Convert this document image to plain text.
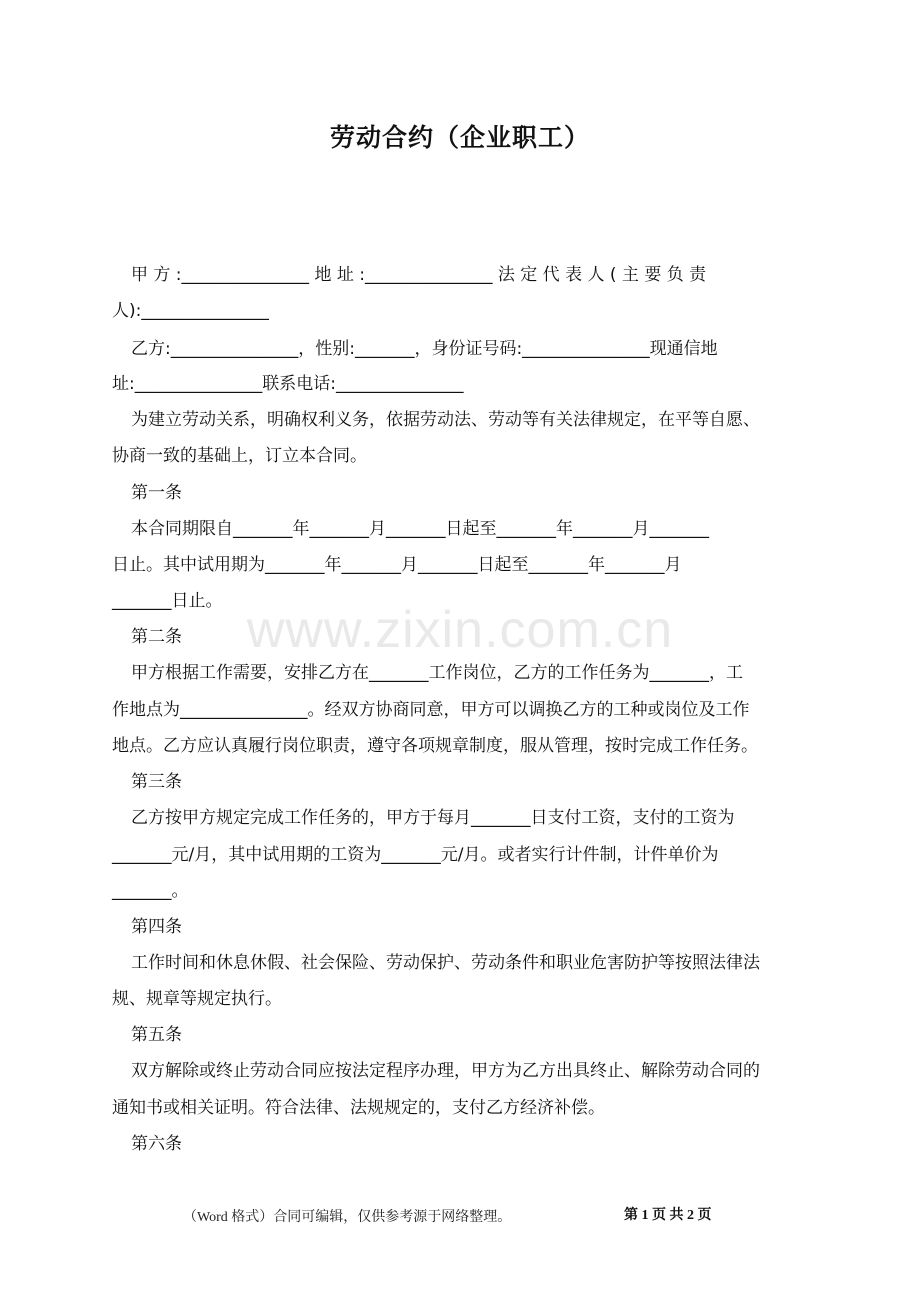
劳动合约（企业职工）
www.zixin.com.cn
甲 方 :_______________ 地 址 :_______________ 法 定 代 表 人 ( 主 要 负 责
人):_______________
乙方:_______________，性别:_______，身份证号码:_______________现通信地
址:_______________联系电话:_______________
为建立劳动关系，明确权利义务，依据劳动法、劳动等有关法律规定，在平等自愿、
协商一致的基础上，订立本合同。
第一条
本合同期限自_______年_______月_______日起至_______年_______月_______
日止。其中试用期为_______年_______月_______日起至_______年_______月
_______日止。
第二条
甲方根据工作需要，安排乙方在_______工作岗位，乙方的工作任务为_______，工
作地点为_______________。经双方协商同意，甲方可以调换乙方的工种或岗位及工作
地点。乙方应认真履行岗位职责，遵守各项规章制度，服从管理，按时完成工作任务。
第三条
乙方按甲方规定完成工作任务的，甲方于每月_______日支付工资，支付的工资为
_______元/月，其中试用期的工资为_______元/月。或者实行计件制，计件单价为
_______。
第四条
工作时间和休息休假、社会保险、劳动保护、劳动条件和职业危害防护等按照法律法
规、规章等规定执行。
第五条
双方解除或终止劳动合同应按法定程序办理，甲方为乙方出具终止、解除劳动合同的
通知书或相关证明。符合法律、法规规定的，支付乙方经济补偿。
第六条
（Word 格式）合同可编辑，仅供参考源于网络整理。	第 1 页 共 2 页
